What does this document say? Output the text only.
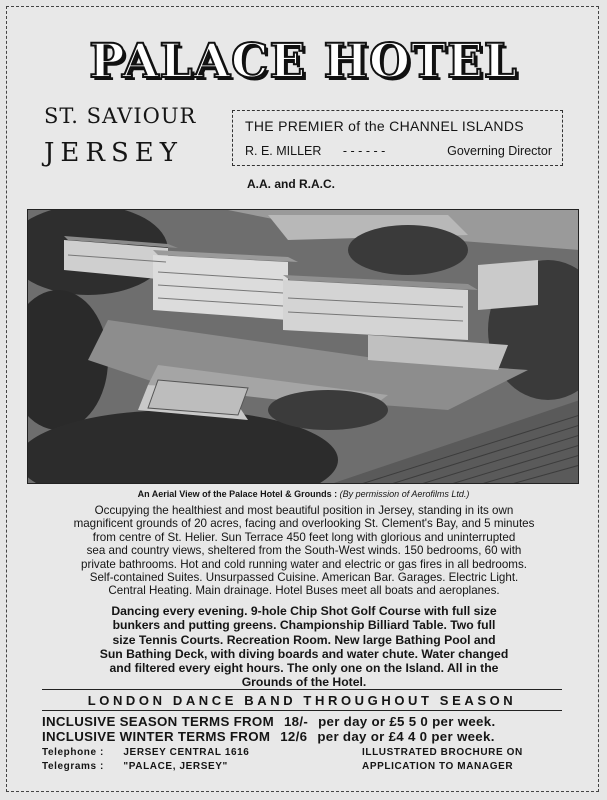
PALACE HOTEL
ST. SAVIOUR
JERSEY
THE PREMIER of the CHANNEL ISLANDS
R. E. MILLER - - - - - -	Governing Director
A.A. and R.A.C.
An Aerial View of the Palace Hotel & Grounds : (By permission of Aerofilms Ltd.)
Occupying the healthiest and most beautiful position in Jersey, standing in its own
magnificent grounds of 20 acres, facing and overlooking St. Clement's Bay, and 5 minutes
from centre of St. Helier. Sun Terrace 450 feet long with glorious and uninterrupted
sea and country views, sheltered from the South-West winds. 150 bedrooms, 60 with
private bathrooms. Hot and cold running water and electric or gas fires in all bedrooms.
Self-contained Suites. Unsurpassed Cuisine. American Bar. Garages. Electric Light.
Central Heating. Main drainage. Hotel Buses meet all boats and aeroplanes.
Dancing every evening. 9-hole Chip Shot Golf Course with full size
bunkers and putting greens. Championship Billiard Table. Two full
size Tennis Courts. Recreation Room. New large Bathing Pool and
Sun Bathing Deck, with diving boards and water chute. Water changed
and filtered every eight hours. The only one on the Island. All in the
Grounds of the Hotel.
LONDON DANCE BAND THROUGHOUT SEASON
INCLUSIVE SEASON TERMS FROM 18/- per day or £5 5 0 per week.
INCLUSIVE WINTER TERMS FROM 12/6 per day or £4 4 0 per week.
Telephone : JERSEY CENTRAL 1616
Telegrams : "PALACE, JERSEY"
ILLUSTRATED BROCHURE ON
APPLICATION TO MANAGER
